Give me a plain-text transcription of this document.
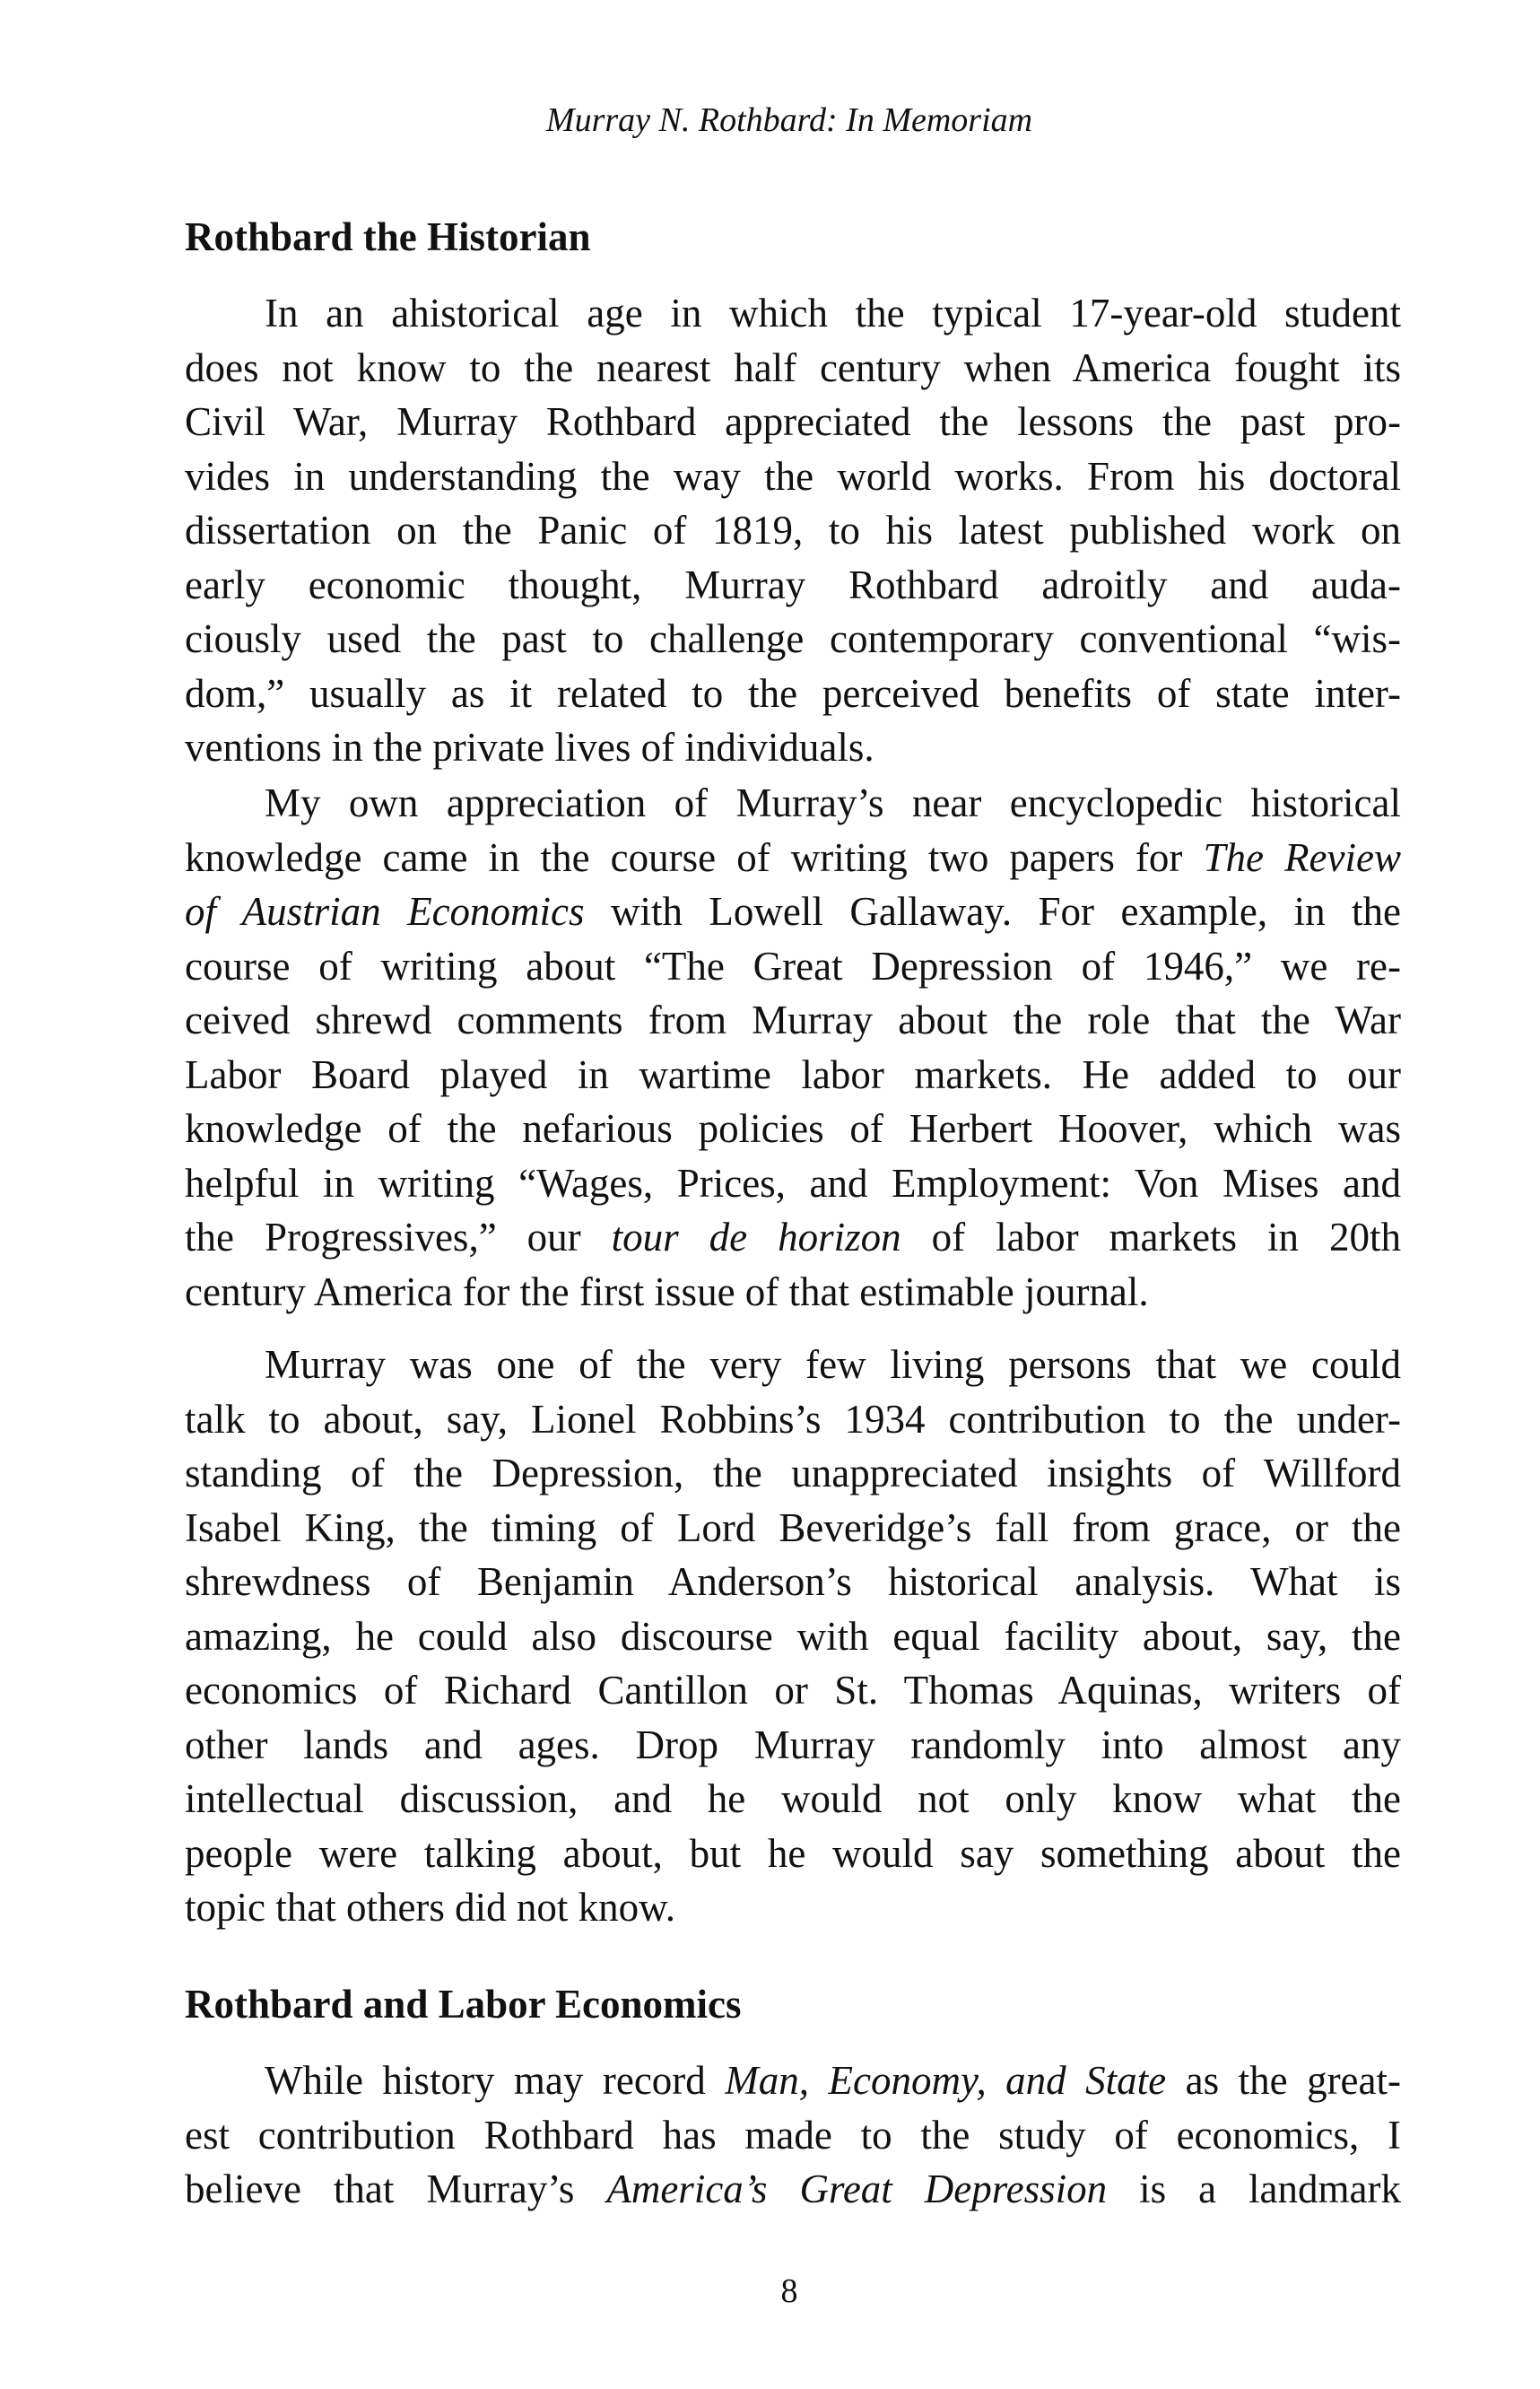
Murray N. Rothbard: In Memoriam
Rothbard the Historian
In an ahistorical age in which the typical 17-year-old student
does not know to the nearest half century when America fought its
Civil War, Murray Rothbard appreciated the lessons the past pro-
vides in understanding the way the world works. From his doctoral
dissertation on the Panic of 1819, to his latest published work on
early economic thought, Murray Rothbard adroitly and auda-
ciously used the past to challenge contemporary conventional “wis-
dom,” usually as it related to the perceived benefits of state inter-
ventions in the private lives of individuals.
My own appreciation of Murray’s near encyclopedic historical
knowledge came in the course of writing two papers for The Review
of Austrian Economics with Lowell Gallaway. For example, in the
course of writing about “The Great Depression of 1946,” we re-
ceived shrewd comments from Murray about the role that the War
Labor Board played in wartime labor markets. He added to our
knowledge of the nefarious policies of Herbert Hoover, which was
helpful in writing “Wages, Prices, and Employment: Von Mises and
the Progressives,” our tour de horizon of labor markets in 20th
century America for the first issue of that estimable journal.
Murray was one of the very few living persons that we could
talk to about, say, Lionel Robbins’s 1934 contribution to the under-
standing of the Depression, the unappreciated insights of Willford
Isabel King, the timing of Lord Beveridge’s fall from grace, or the
shrewdness of Benjamin Anderson’s historical analysis. What is
amazing, he could also discourse with equal facility about, say, the
economics of Richard Cantillon or St. Thomas Aquinas, writers of
other lands and ages. Drop Murray randomly into almost any
intellectual discussion, and he would not only know what the
people were talking about, but he would say something about the
topic that others did not know.
Rothbard and Labor Economics
While history may record Man, Economy, and State as the great-
est contribution Rothbard has made to the study of economics, I
believe that Murray’s America’s Great Depression is a landmark
8
